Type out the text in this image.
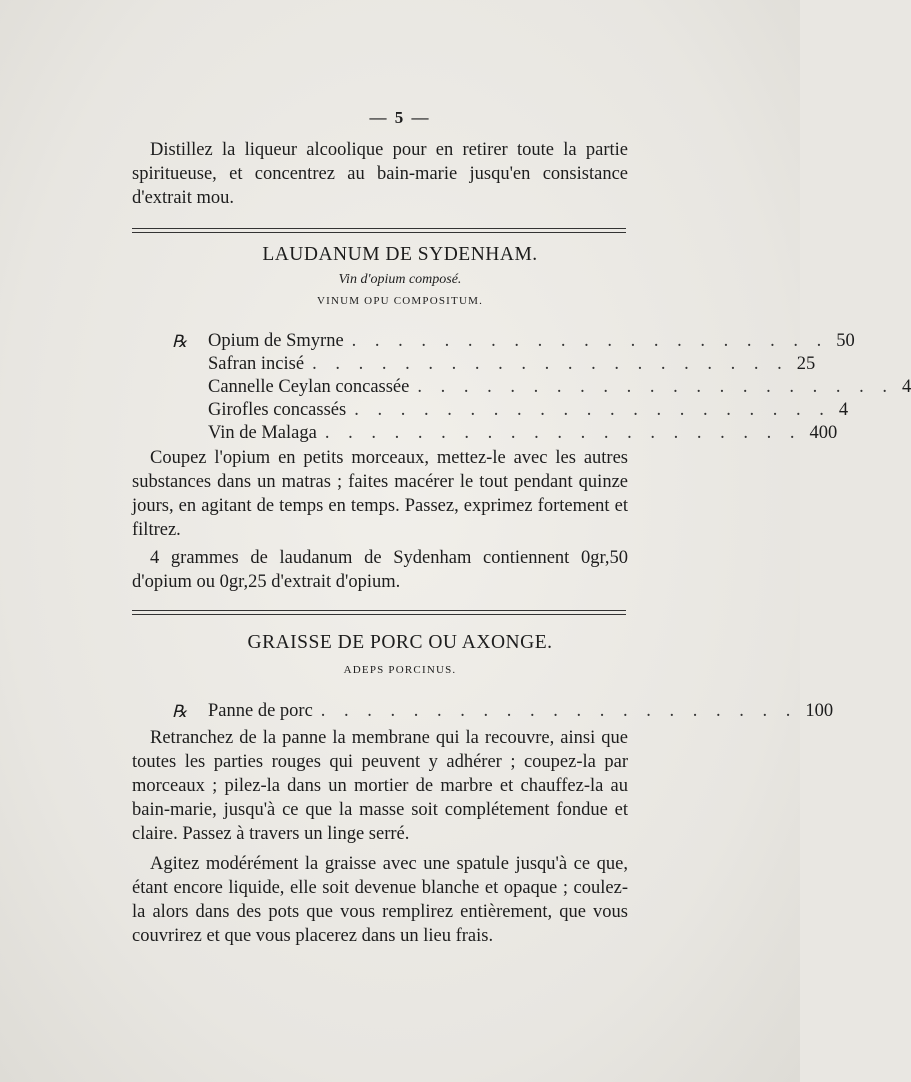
— 5 —

Distillez la liqueur alcoolique pour en retirer toute la partie spiritueuse, et concentrez au bain-marie jusqu'en consistance d'extrait mou.

LAUDANUM DE SYDENHAM.
Vin d'opium composé.
VINUM OPU COMPOSITUM.
℞ Opium de Smyrne . . . . . . . . . . . . . . . . . . . . . 50
Safran incisé . . . . . . . . . . . . . . . . . . . . . 25
Cannelle Ceylan concassée . . . . . . . . . . . . . . . . . . . . . 4
Girofles concassés . . . . . . . . . . . . . . . . . . . . . 4
Vin de Malaga . . . . . . . . . . . . . . . . . . . . . 400

Coupez l'opium en petits morceaux, mettez-le avec les autres substances dans un matras ; faites macérer le tout pendant quinze jours, en agitant de temps en temps. Passez, exprimez fortement et filtrez.

4 grammes de laudanum de Sydenham contiennent 0gr,50 d'opium ou 0gr,25 d'extrait d'opium.

GRAISSE DE PORC OU AXONGE.
ADEPS PORCINUS.
℞ Panne de porc . . . . . . . . . . . . . . . . . . . . . 100

Retranchez de la panne la membrane qui la recouvre, ainsi que toutes les parties rouges qui peuvent y adhérer ; coupez-la par morceaux ; pilez-la dans un mortier de marbre et chauffez-la au bain-marie, jusqu'à ce que la masse soit complétement fondue et claire. Passez à travers un linge serré.

Agitez modérément la graisse avec une spatule jusqu'à ce que, étant encore liquide, elle soit devenue blanche et opaque ; coulez-la alors dans des pots que vous remplirez entièrement, que vous couvrirez et que vous placerez dans un lieu frais.
